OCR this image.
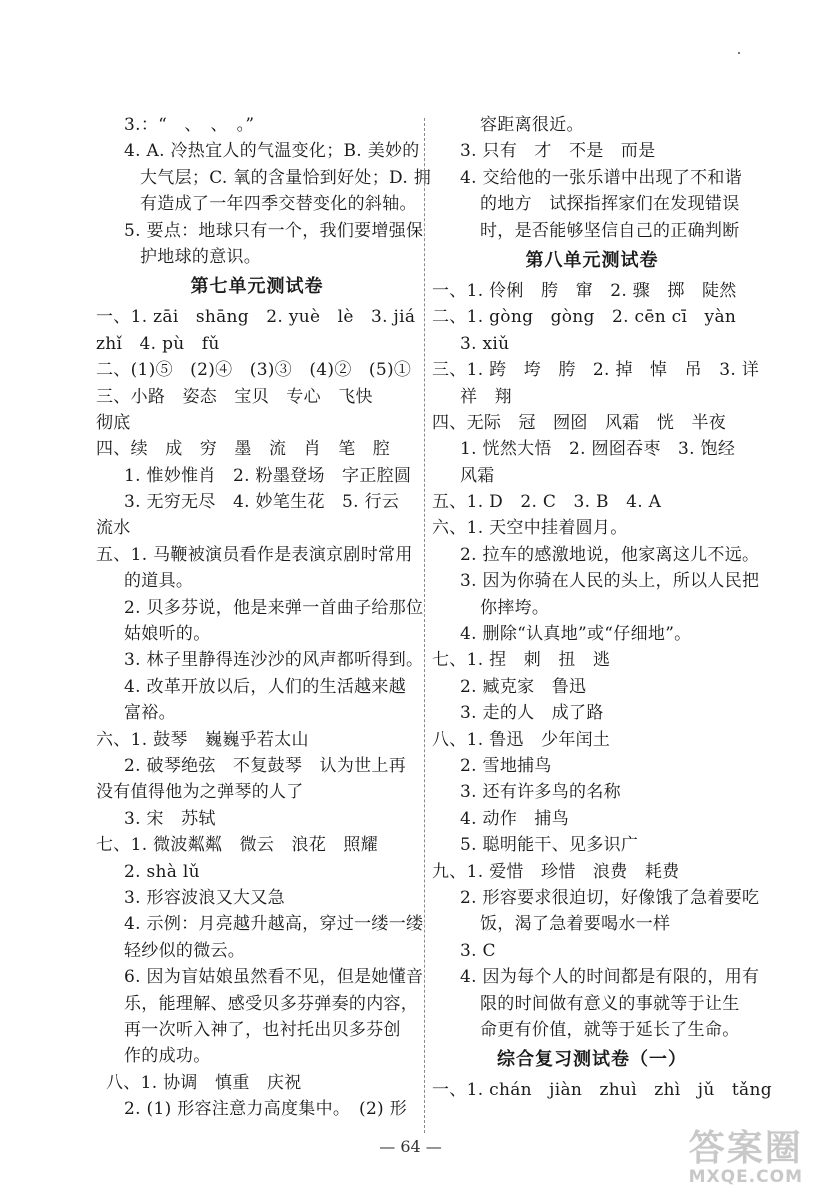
3.：“　、　、　。”
4. A. 冷热宜人的气温变化；B. 美妙的
大气层；C. 氧的含量恰到好处；D. 拥
有造成了一年四季交替变化的斜轴。
5. 要点：地球只有一个，我们要增强保
护地球的意识。
第七单元测试卷
一、1. zāi　shāng　2. yuè　lè　3. jiá
zhǐ　4. pù　fǔ
二、(1)⑤　(2)④　(3)③　(4)②　(5)①
三、小路　姿态　宝贝　专心　飞快
彻底
四、续　成　穷　墨　流　肖　笔　腔
1. 惟妙惟肖　2. 粉墨登场　字正腔圆
3. 无穷无尽　4. 妙笔生花　5. 行云
流水
五、1. 马鞭被演员看作是表演京剧时常用
的道具。
2. 贝多芬说，他是来弹一首曲子给那位
姑娘听的。
3. 林子里静得连沙沙的风声都听得到。
4. 改革开放以后，人们的生活越来越
富裕。
六、1. 鼓琴　巍巍乎若太山
2. 破琴绝弦　不复鼓琴　认为世上再
没有值得他为之弹琴的人了
3. 宋　苏轼
七、1. 微波粼粼　微云　浪花　照耀
2. shà lǔ
3. 形容波浪又大又急
4. 示例：月亮越升越高，穿过一缕一缕
轻纱似的微云。
6. 因为盲姑娘虽然看不见，但是她懂音
乐，能理解、感受贝多芬弹奏的内容，
再一次听入神了，也衬托出贝多芬创
作的成功。
八、1. 协调　慎重　庆祝
2. (1) 形容注意力高度集中。　(2) 形
容距离很近。
3. 只有　才　不是　而是
4. 交给他的一张乐谱中出现了不和谐
的地方　试探指挥家们在发现错误
时，是否能够坚信自己的正确判断
第八单元测试卷
一、1. 伶俐　胯　窜　2. 骤　掷　陡然
二、1. gòng　gòng　2. cēn cī　yàn
3. xiǔ
三、1. 跨　垮　胯　2. 掉　悼　吊　3. 详
祥　翔
四、无际　冠　囫囵　风霜　恍　半夜
1. 恍然大悟　2. 囫囵吞枣　3. 饱经
风霜
五、1. D　2. C　3. B　4. A
六、1. 天空中挂着圆月。
2. 拉车的感激地说，他家离这儿不远。
3. 因为你骑在人民的头上，所以人民把
你摔垮。
4. 删除“认真地”或“仔细地”。
七、1. 捏　刺　扭　逃
2. 臧克家　鲁迅
3. 走的人　成了路
八、1. 鲁迅　少年闰土
2. 雪地捕鸟
3. 还有许多鸟的名称
4. 动作　捕鸟
5. 聪明能干、见多识广
九、1. 爱惜　珍惜　浪费　耗费
2. 形容要求很迫切，好像饿了急着要吃
饭，渴了急着要喝水一样
3. C
4. 因为每个人的时间都是有限的，用有
限的时间做有意义的事就等于让生
命更有价值，就等于延长了生命。
综合复习测试卷（一）
一、1. chán　jiàn　zhuì　zhì　jǔ　tǎng
— 64 —	答案圈
MXQE.COM
